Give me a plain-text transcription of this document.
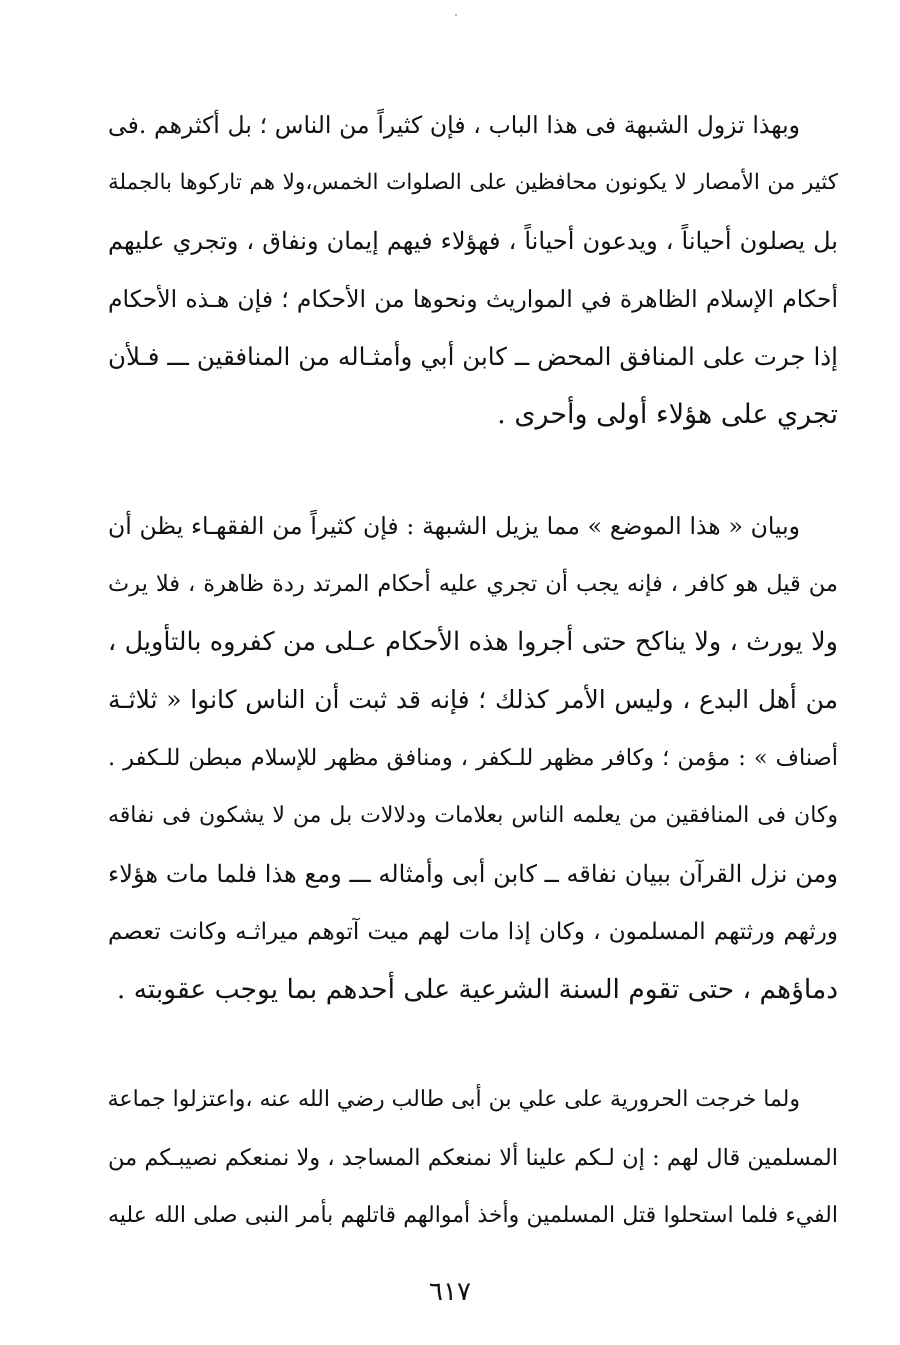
وبهذا تزول الشبهة فى هذا الباب ، فإن كثيراً من الناس ؛ بل أكثرهم .فى
كثير من الأمصار لا يكونون محافظين على الصلوات الخمس،ولا هم تاركوها بالجملة
بل يصلون أحياناً ، ويدعون أحياناً ، فهؤلاء فيهم إيمان ونفاق ، وتجري عليهم
أحكام الإسلام الظاهرة في المواريث ونحوها من الأحكام ؛ فإن هـذه الأحكام
إذا جرت على المنافق المحض ــ كابن أبي وأمثـاله من المنافقين ـــ فـلأن
تجري على هؤلاء أولى وأحرى .
وبيان « هذا الموضع » مما يزيل الشبهة : فإن كثيراً من الفقهـاء يظن أن
من قيل هو كافر ، فإنه يجب أن تجري عليه أحكام المرتد ردة ظاهرة ، فلا يرث
ولا يورث ، ولا يناكح حتى أجروا هذه الأحكام عـلى من كفروه بالتأويل ،
من أهل البدع ، وليس الأمر كذلك ؛ فإنه قد ثبت أن الناس كانوا « ثلاثـة
أصناف » : مؤمن ؛ وكافر مظهر للـكفر ، ومنافق مظهر للإسلام مبطن للـكفر .
وكان فى المنافقين من يعلمه الناس بعلامات ودلالات بل من لا يشكون فى نفاقه
ومن نزل القرآن ببيان نفاقه ــ كابن أبى وأمثاله ـــ ومع هذا فلما مات هؤلاء
ورثهم ورثتهم المسلمون ، وكان إذا مات لهم ميت آتوهم ميراثـه وكانت تعصم
دماؤهم ، حتى تقوم السنة الشرعية على أحدهم بما يوجب عقوبته .
ولما خرجت الحرورية على علي بن أبى طالب رضي الله عنه ،واعتزلوا جماعة
المسلمين قال لهم : إن لـكم علينا ألا نمنعكم المساجد ، ولا نمنعكم نصيبـكم من
الفيء فلما استحلوا قتل المسلمين وأخذ أموالهم قاتلهم بأمر النبى صلى الله عليه
٦١٧
